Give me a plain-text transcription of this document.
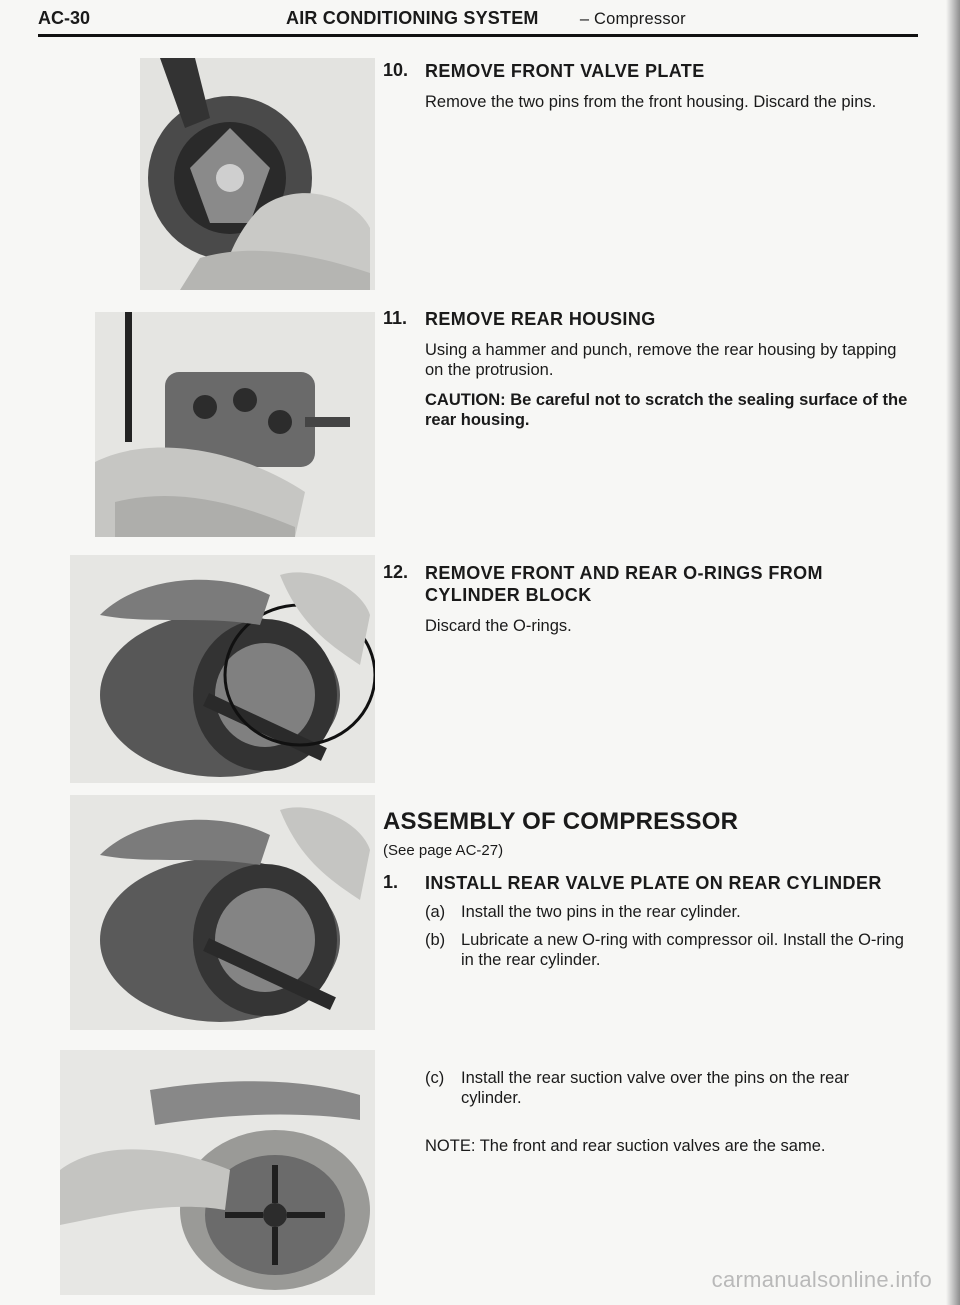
AC-30	AIR CONDITIONING SYSTEM – Compressor
10. REMOVE FRONT VALVE PLATE

Remove the two pins from the front housing. Discard the pins.

11. REMOVE REAR HOUSING

Using a hammer and punch, remove the rear housing by tapping on the protrusion.

CAUTION: Be careful not to scratch the sealing surface of the rear housing.

12. REMOVE FRONT AND REAR O-RINGS FROM CYLINDER BLOCK

Discard the O-rings.

ASSEMBLY OF COMPRESSOR
(See page AC-27)
1. INSTALL REAR VALVE PLATE ON REAR CYLINDER
(a) Install the two pins in the rear cylinder.
(b) Lubricate a new O-ring with compressor oil. Install the O-ring in the rear cylinder.
(c) Install the rear suction valve over the pins on the rear cylinder.
NOTE: The front and rear suction valves are the same.
carmanualsonline.info
